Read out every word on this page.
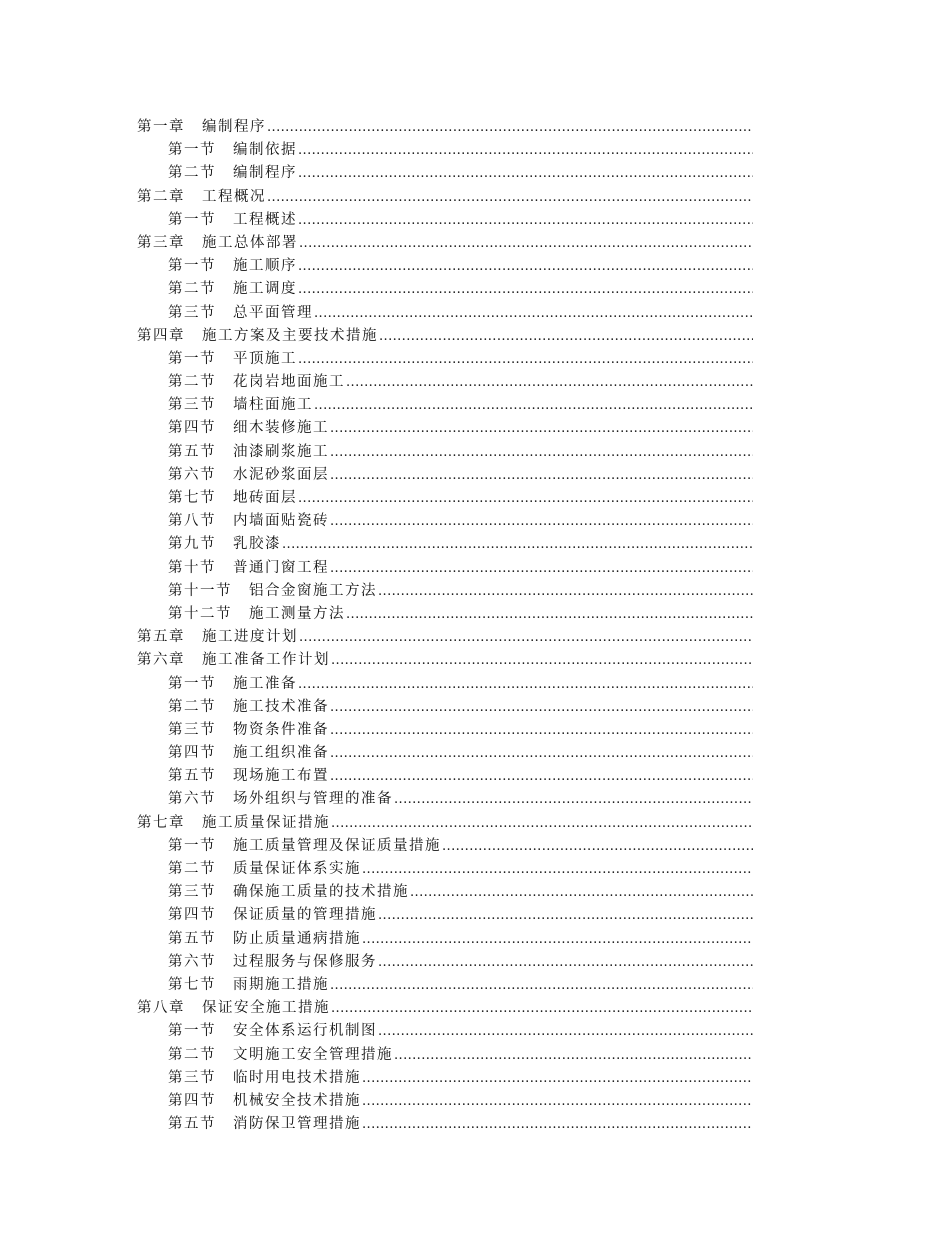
第一章 编制程序
.....
第一节 编制依据
.....
第二节 编制程序
.....
第二章 工程概况
.....
第一节 工程概述
.....
第三章 施工总体部署
.....
第一节 施工顺序
.....
第二节 施工调度
.....
第三节 总平面管理
.....
第四章 施工方案及主要技术措施
.....
第一节 平顶施工
.....
第二节 花岗岩地面施工
.....
第三节 墙柱面施工
.....
第四节 细木装修施工
.....
第五节 油漆刷浆施工
.....
第六节 水泥砂浆面层
.....
第七节 地砖面层
.....
第八节 内墙面贴瓷砖
.....
第九节 乳胶漆
.....
第十节 普通门窗工程
.....
第十一节 铝合金窗施工方法
.....
第十二节 施工测量方法
.....
第五章 施工进度计划
.....
第六章 施工准备工作计划
.....
第一节 施工准备
.....
第二节 施工技术准备
.....
第三节 物资条件准备
.....
第四节 施工组织准备
.....
第五节 现场施工布置
.....
第六节 场外组织与管理的准备
.....
第七章 施工质量保证措施
.....
第一节 施工质量管理及保证质量措施
.....
第二节 质量保证体系实施
.....
第三节 确保施工质量的技术措施
.....
第四节 保证质量的管理措施
.....
第五节 防止质量通病措施
.....
第六节 过程服务与保修服务
.....
第七节 雨期施工措施
.....
第八章 保证安全施工措施
.....
第一节 安全体系运行机制图
.....
第二节 文明施工安全管理措施
.....
第三节 临时用电技术措施
.....
第四节 机械安全技术措施
.....
第五节 消防保卫管理措施
.....
